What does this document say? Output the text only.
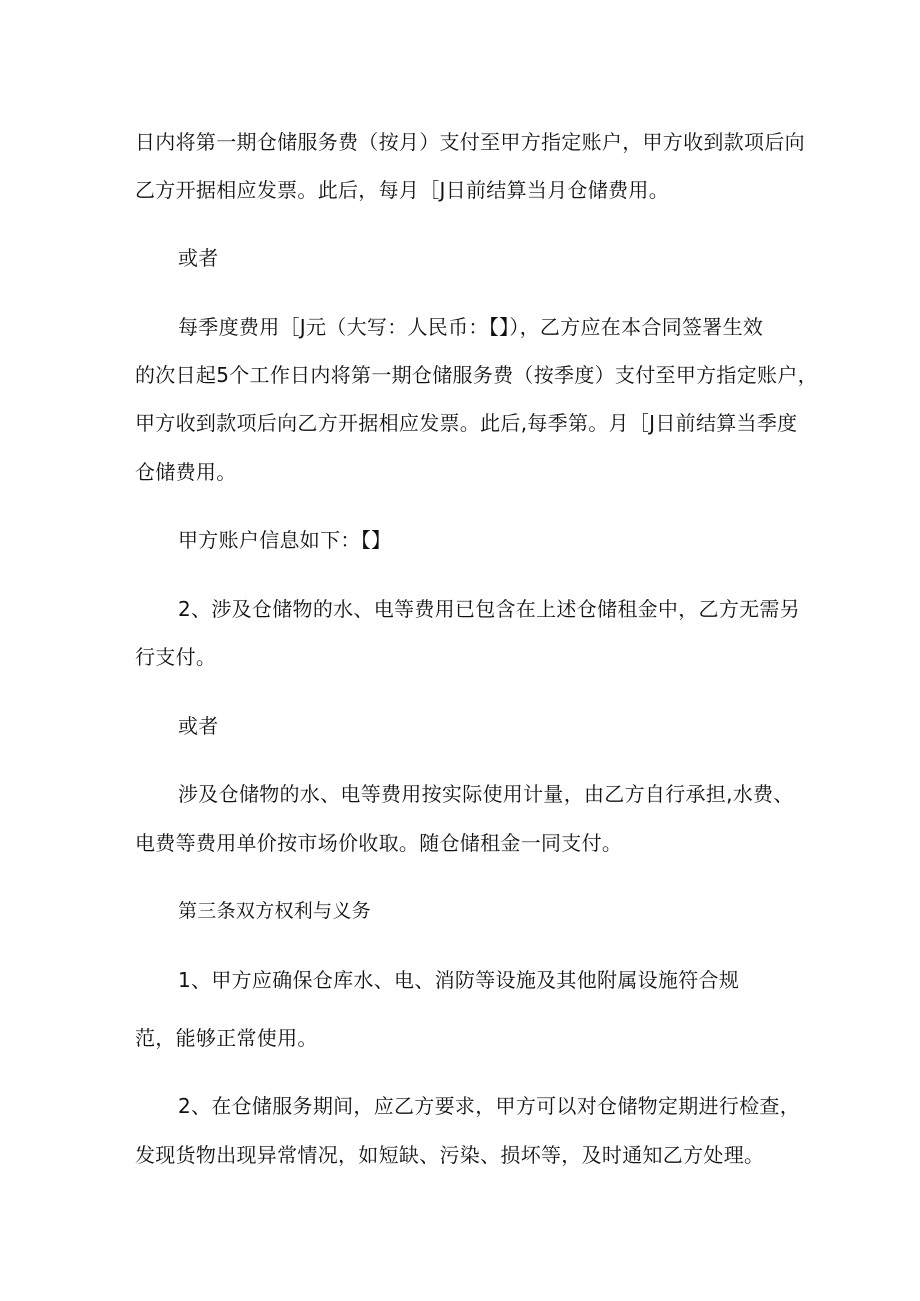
日内将第一期仓储服务费（按月）支付至甲方指定账户，甲方收到款项后向
乙方开据相应发票。此后，每月［J日前结算当月仓储费用。
或者
每季度费用［J元（大写：人民币：【】），乙方应在本合同签署生效
的次日起5个工作日内将第一期仓储服务费（按季度）支付至甲方指定账户，
甲方收到款项后向乙方开据相应发票。此后,每季第。月［J日前结算当季度
仓储费用。
甲方账户信息如下：【】
2、涉及仓储物的水、电等费用已包含在上述仓储租金中，乙方无需另
行支付。
或者
涉及仓储物的水、电等费用按实际使用计量，由乙方自行承担,水费、
电费等费用单价按市场价收取。随仓储租金一同支付。
第三条双方权利与义务
1、甲方应确保仓库水、电、消防等设施及其他附属设施符合规
范，能够正常使用。
2、在仓储服务期间，应乙方要求，甲方可以对仓储物定期进行检查，
发现货物出现异常情况，如短缺、污染、损坏等，及时通知乙方处理。
